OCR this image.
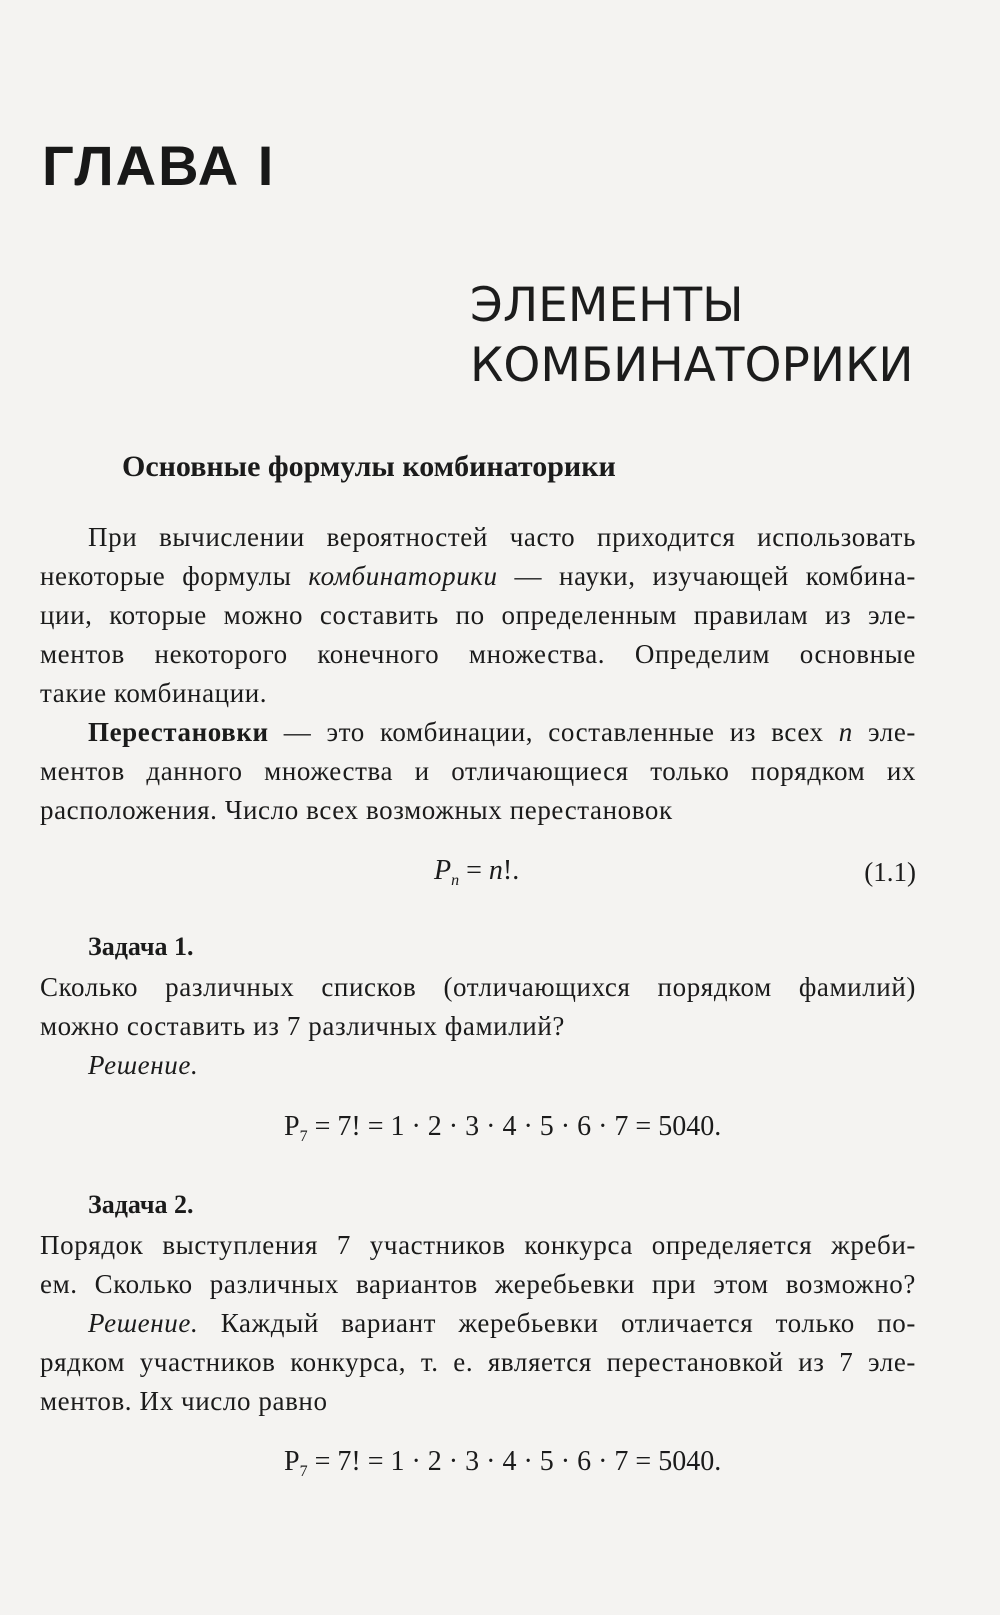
ГЛАВА I
ЭЛЕМЕНТЫ
КОМБИНАТОРИКИ
Основные формулы комбинаторики
При вычислении вероятностей часто приходится использовать
некоторые формулы комбинаторики — науки, изучающей комбина-
ции, которые можно составить по определенным правилам из эле-
ментов некоторого конечного множества. Определим основные
такие комбинации.
Перестановки — это комбинации, составленные из всех n эле-
ментов данного множества и отличающиеся только порядком их
расположения. Число всех возможных перестановок
$P_n = n$!.	(1.1)
Задача 1.
Сколько различных списков (отличающихся порядком фамилий)
можно составить из 7 различных фамилий?
Решение.
$P_7 = 7$! = 1 · 2 · 3 · 4 · 5 · 6 · 7 = 5040.
Задача 2.
Порядок выступления 7 участников конкурса определяется жреби-
ем. Сколько различных вариантов жеребьевки при этом возможно?
Решение. Каждый вариант жеребьевки отличается только по-
рядком участников конкурса, т. е. является перестановкой из 7 эле-
ментов. Их число равно
$P_7 = 7$! = 1 · 2 · 3 · 4 · 5 · 6 · 7 = 5040.
